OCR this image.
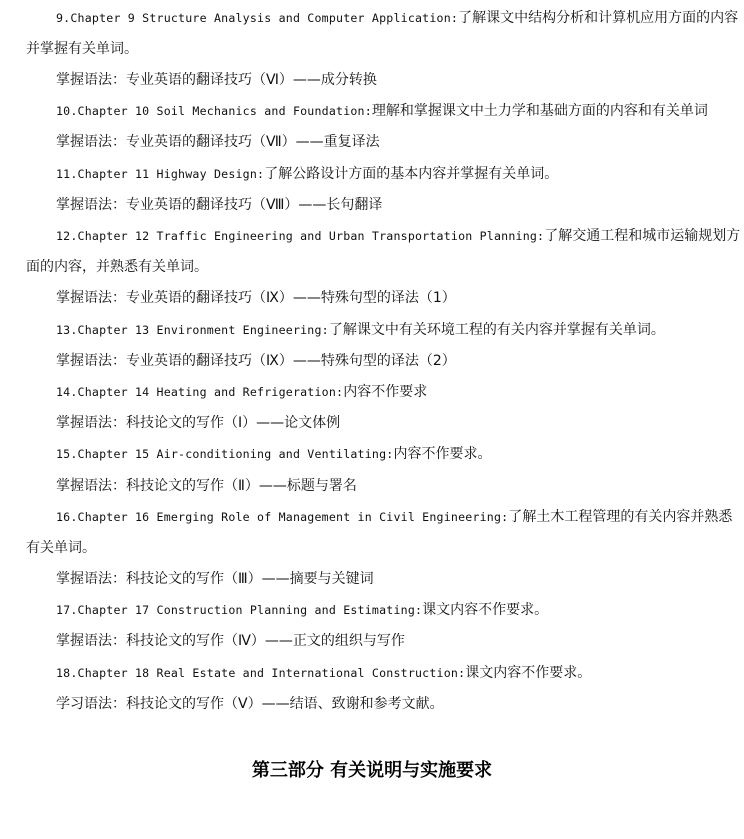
9.Chapter 9 Structure Analysis and Computer Application:了解课文中结构分析和计算机应用方面的内容
并掌握有关单词。
掌握语法：专业英语的翻译技巧（Ⅵ）——成分转换
10.Chapter 10 Soil Mechanics and Foundation:理解和掌握课文中土力学和基础方面的内容和有关单词
掌握语法：专业英语的翻译技巧（Ⅶ）——重复译法
11.Chapter 11 Highway Design:了解公路设计方面的基本内容并掌握有关单词。
掌握语法：专业英语的翻译技巧（Ⅷ）——长句翻译
12.Chapter 12 Traffic Engineering and Urban Transportation Planning:了解交通工程和城市运输规划方
面的内容，并熟悉有关单词。
掌握语法：专业英语的翻译技巧（Ⅸ）——特殊句型的译法（1）
13.Chapter 13 Environment Engineering:了解课文中有关环境工程的有关内容并掌握有关单词。
掌握语法：专业英语的翻译技巧（Ⅸ）——特殊句型的译法（2）
14.Chapter 14 Heating and Refrigeration:内容不作要求
掌握语法：科技论文的写作（Ⅰ）——论文体例
15.Chapter 15 Air-conditioning and Ventilating:内容不作要求。
掌握语法：科技论文的写作（Ⅱ）——标题与署名
16.Chapter 16 Emerging Role of Management in Civil Engineering:了解土木工程管理的有关内容并熟悉
有关单词。
掌握语法：科技论文的写作（Ⅲ）——摘要与关键词
17.Chapter 17 Construction Planning and Estimating:课文内容不作要求。
掌握语法：科技论文的写作（Ⅳ）——正文的组织与写作
18.Chapter 18 Real Estate and International Construction:课文内容不作要求。
学习语法：科技论文的写作（Ⅴ）——结语、致谢和参考文献。
第三部分 有关说明与实施要求
